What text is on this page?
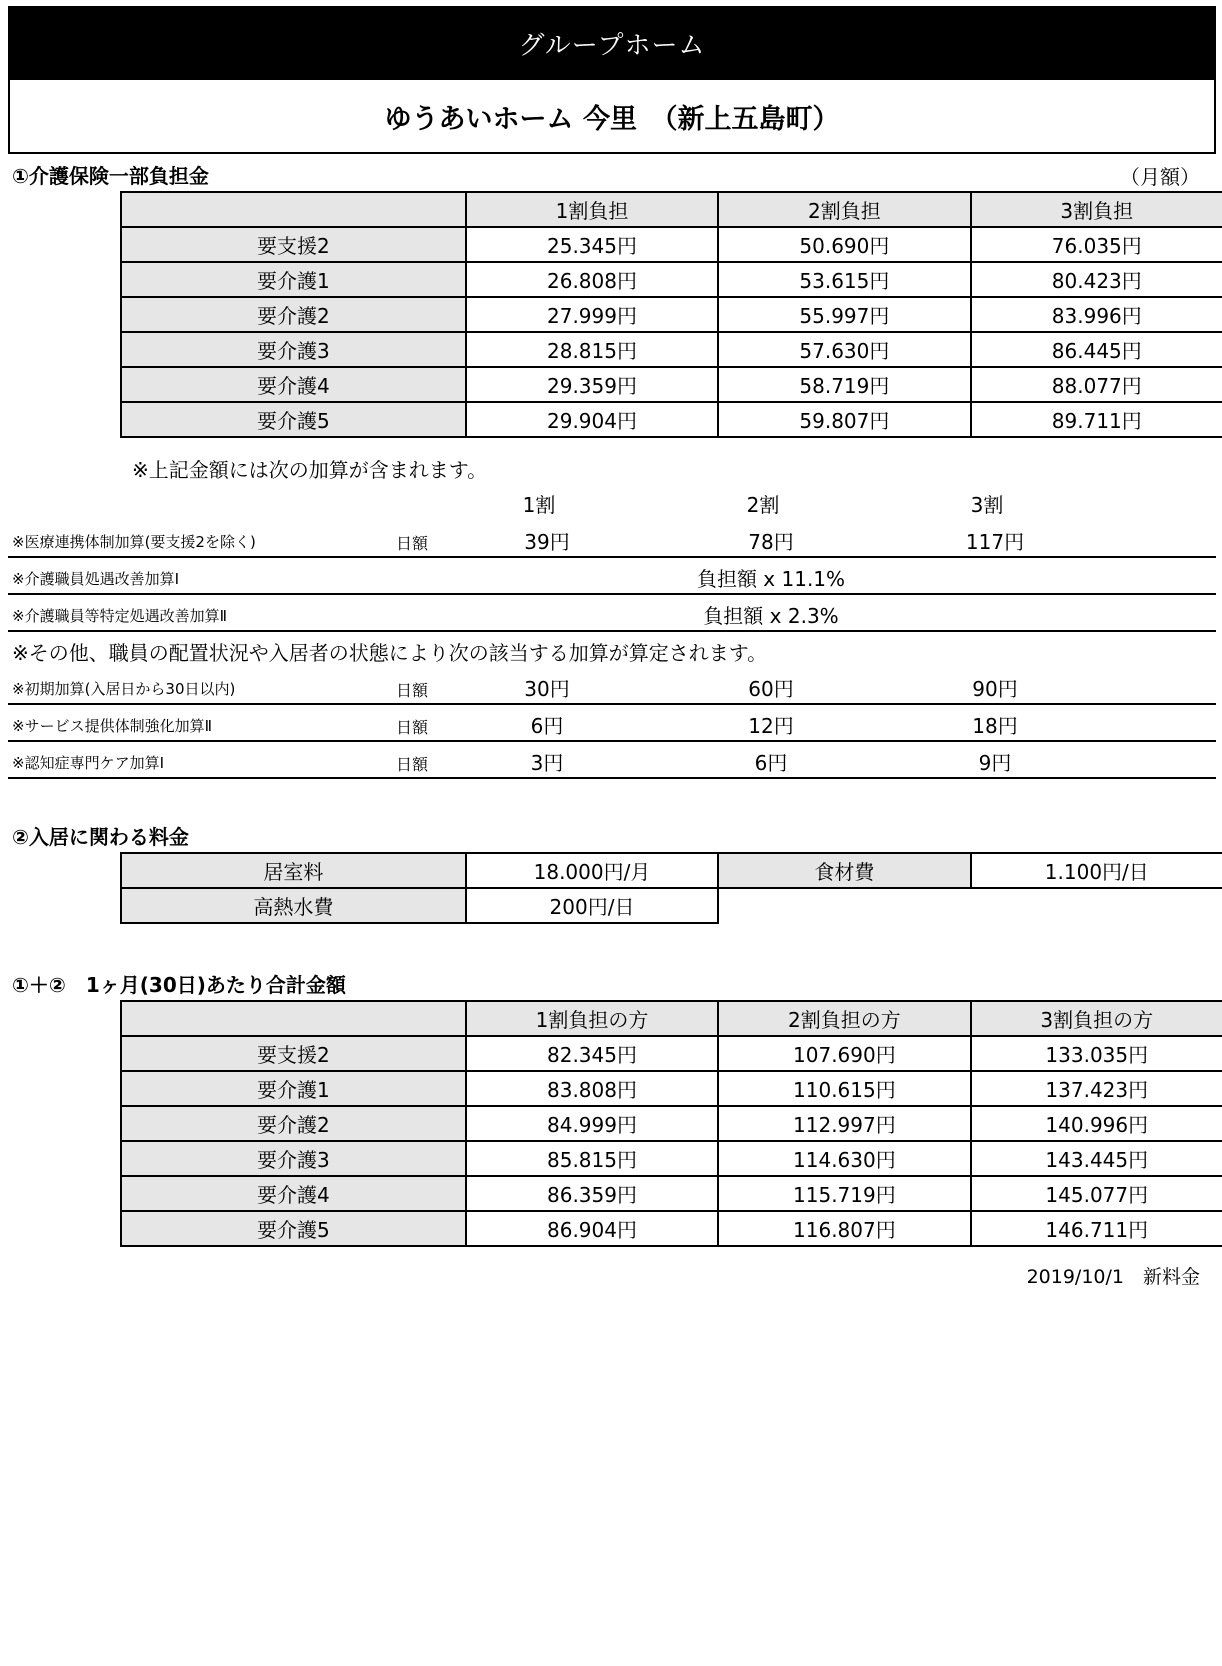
グループホーム
ゆうあいホーム 今里　（新上五島町）
①介護保険一部負担金	（月額）
	1割負担	2割負担	3割負担
要支援2	25.345円	50.690円	76.035円
要介護1	26.808円	53.615円	80.423円
要介護2	27.999円	55.997円	83.996円
要介護3	28.815円	57.630円	86.445円
要介護4	29.359円	58.719円	88.077円
要介護5	29.904円	59.807円	89.711円
※上記金額には次の加算が含まれます。
1割	2割	3割
※医療連携体制加算(要支援2を除く)	日額	39円	78円	117円
※介護職員処遇改善加算Ⅰ	負担額 x 11.1%
※介護職員等特定処遇改善加算Ⅱ	負担額 x 2.3%
※その他、職員の配置状況や入居者の状態により次の該当する加算が算定されます。
※初期加算(入居日から30日以内)	日額	30円	60円	90円
※サービス提供体制強化加算Ⅱ	日額	6円	12円	18円
※認知症専門ケア加算Ⅰ	日額	3円	6円	9円
②入居に関わる料金
居室料	18.000円/月	食材費	1.100円/日
高熱水費	200円/日		
①＋②　1ヶ月(30日)あたり合計金額
	1割負担の方	2割負担の方	3割負担の方
要支援2	82.345円	107.690円	133.035円
要介護1	83.808円	110.615円	137.423円
要介護2	84.999円	112.997円	140.996円
要介護3	85.815円	114.630円	143.445円
要介護4	86.359円	115.719円	145.077円
要介護5	86.904円	116.807円	146.711円
2019/10/1　新料金
